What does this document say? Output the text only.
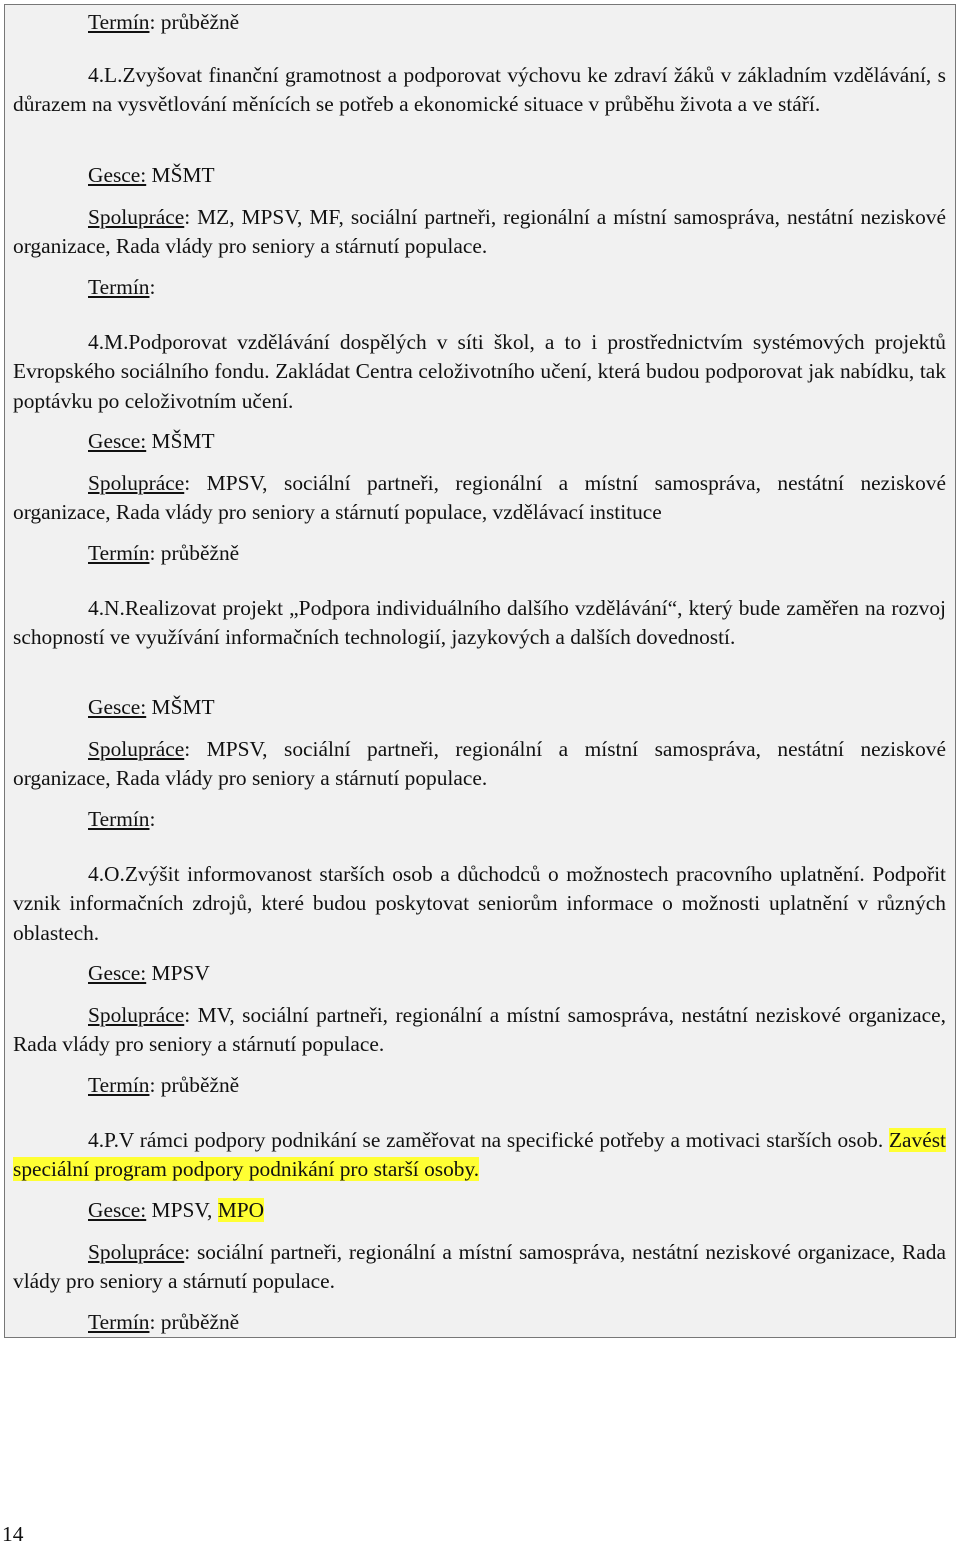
Termín: průběžně

4.L.Zvyšovat finanční gramotnost a podporovat výchovu ke zdraví žáků v základním vzdělávání, s důrazem na vysvětlování měnících se potřeb a ekonomické situace v průběhu života a ve stáří.

Gesce: MŠMT

Spolupráce: MZ, MPSV, MF, sociální partneři, regionální a místní samospráva, nestátní neziskové organizace, Rada vlády pro seniory a stárnutí populace.

Termín:

4.M.Podporovat vzdělávání dospělých v síti škol, a to i prostřednictvím systémových projektů Evropského sociálního fondu. Zakládat Centra celoživotního učení, která budou podporovat jak nabídku, tak poptávku po celoživotním učení.

Gesce: MŠMT

Spolupráce: MPSV, sociální partneři, regionální a místní samospráva, nestátní neziskové organizace, Rada vlády pro seniory a stárnutí populace, vzdělávací instituce

Termín: průběžně

4.N.Realizovat projekt „Podpora individuálního dalšího vzdělávání“, který bude zaměřen na rozvoj schopností ve využívání informačních technologií, jazykových a dalších dovedností.

Gesce: MŠMT

Spolupráce: MPSV, sociální partneři, regionální a místní samospráva, nestátní neziskové organizace, Rada vlády pro seniory a stárnutí populace.

Termín:

4.O.Zvýšit informovanost starších osob a důchodců o možnostech pracovního uplatnění. Podpořit vznik informačních zdrojů, které budou poskytovat seniorům informace o možnosti uplatnění v různých oblastech.

Gesce: MPSV

Spolupráce: MV, sociální partneři, regionální a místní samospráva, nestátní neziskové organizace, Rada vlády pro seniory a stárnutí populace.

Termín: průběžně

4.P.V rámci podpory podnikání se zaměřovat na specifické potřeby a motivaci starších osob. Zavést speciální program podpory podnikání pro starší osoby.

Gesce: MPSV, MPO

Spolupráce: sociální partneři, regionální a místní samospráva, nestátní neziskové organizace, Rada vlády pro seniory a stárnutí populace.

Termín: průběžně

14
